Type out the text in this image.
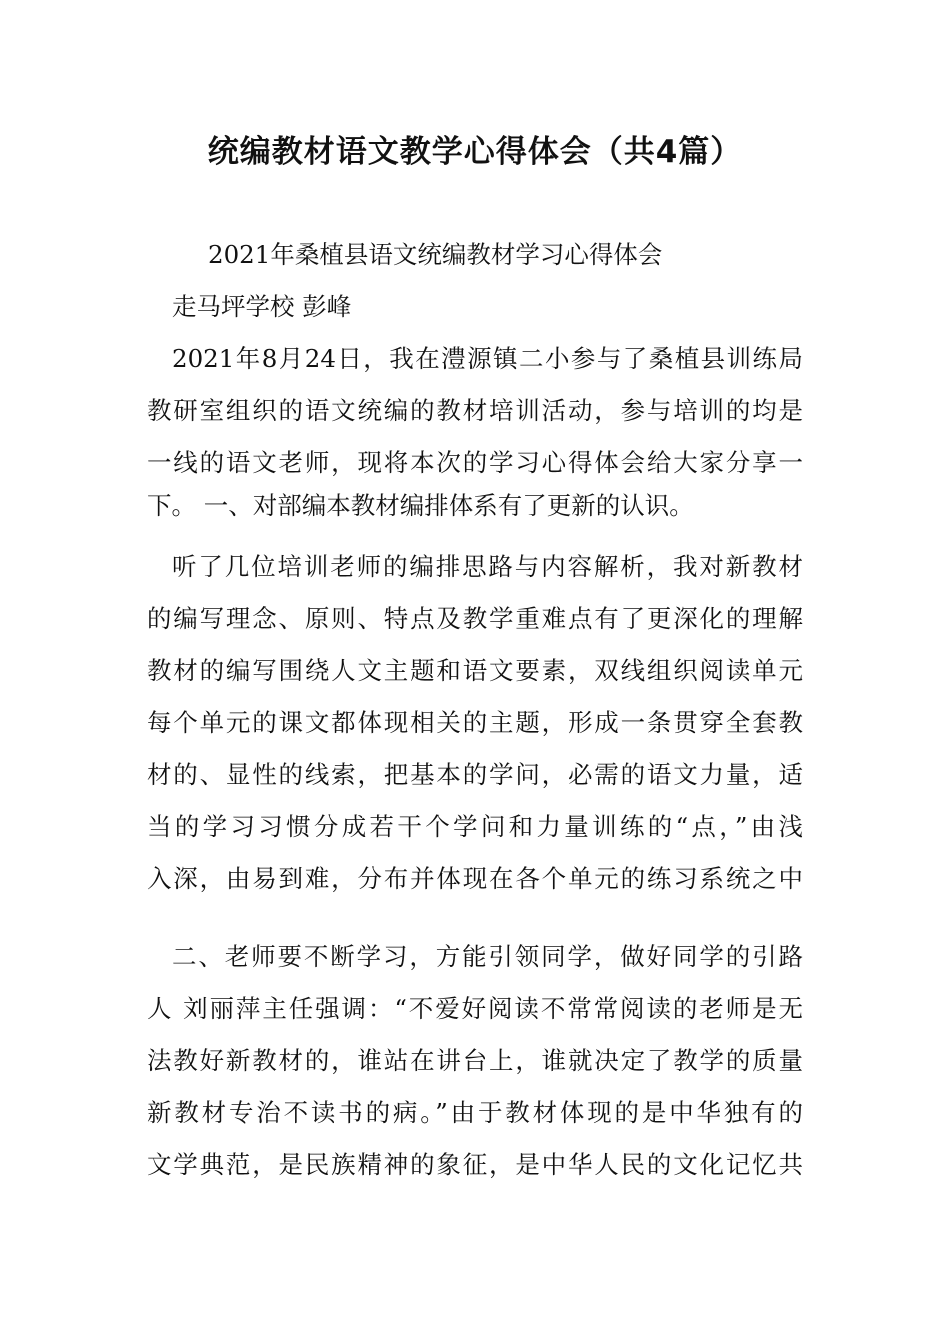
统编教材语文教学心得体会（共4篇）
2021年桑植县语文统编教材学习心得体会
走马坪学校 彭峰
2021年8月24日，我在澧源镇二小参与了桑植县训练局
教研室组织的语文统编的教材培训活动，参与培训的均是
一线的语文老师，现将本次的学习心得体会给大家分享一
下。 一、对部编本教材编排体系有了更新的认识。
听了几位培训老师的编排思路与内容解析，我对新教材
的编写理念、原则、特点及教学重难点有了更深化的理解
教材的编写围绕人文主题和语文要素，双线组织阅读单元
每个单元的课文都体现相关的主题，形成一条贯穿全套教
材的、显性的线索，把基本的学问，必需的语文力量，适
当的学习习惯分成若干个学问和力量训练的“点，”由浅
入深，由易到难，分布并体现在各个单元的练习系统之中
二、老师要不断学习，方能引领同学，做好同学的引路
人 刘丽萍主任强调：“不爱好阅读不常常阅读的老师是无
法教好新教材的，谁站在讲台上，谁就决定了教学的质量
新教材专治不读书的病。”由于教材体现的是中华独有的
文学典范，是民族精神的象征，是中华人民的文化记忆共
